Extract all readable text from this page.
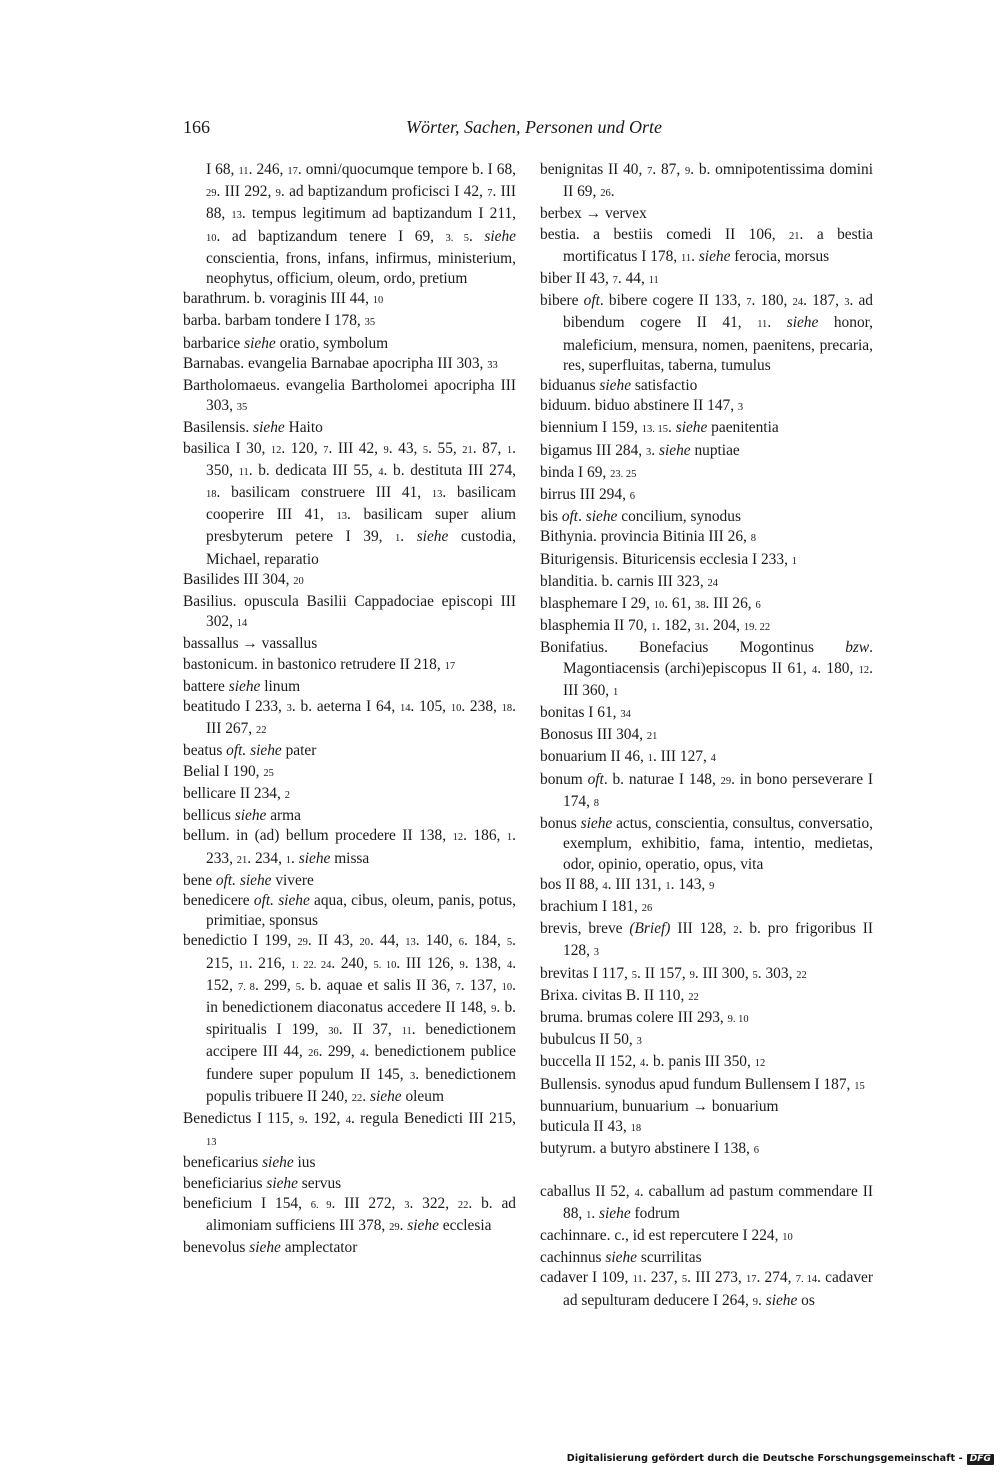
166	Wörter, Sachen, Personen und Orte
I 68, 11. 246, 17. omni/quocumque tempore b. I 68, 29. III 292, 9. ad baptizandum proficisci I 42, 7. III 88, 13. tempus legitimum ad baptizandum I 211, 10. ad baptizandum tenere I 69, 3. 5. siehe conscientia, frons, infans, infirmus, ministerium, neophytus, officium, oleum, ordo, pretium
barathrum. b. voraginis III 44, 10
barba. barbam tondere I 178, 35
barbarice siehe oratio, symbolum
Barnabas. evangelia Barnabae apocripha III 303, 33
Bartholomaeus. evangelia Bartholomei apocripha III 303, 35
Basilensis. siehe Haito
basilica I 30, 12. 120, 7. III 42, 9. 43, 5. 55, 21. 87, 1. 350, 11. b. dedicata III 55, 4. b. destituta III 274, 18. basilicam construere III 41, 13. basilicam cooperire III 41, 13. basilicam super alium presbyterum petere I 39, 1. siehe custodia, Michael, reparatio
Basilides III 304, 20
Basilius. opuscula Basilii Cappadociae episcopi III 302, 14
bassallus → vassallus
bastonicum. in bastonico retrudere II 218, 17
battere siehe linum
beatitudo I 233, 3. b. aeterna I 64, 14. 105, 10. 238, 18. III 267, 22
beatus oft. siehe pater
Belial I 190, 25
bellicare II 234, 2
bellicus siehe arma
bellum. in (ad) bellum procedere II 138, 12. 186, 1. 233, 21. 234, 1. siehe missa
bene oft. siehe vivere
benedicere oft. siehe aqua, cibus, oleum, panis, potus, primitiae, sponsus
benedictio I 199, 29. II 43, 20. 44, 13. 140, 6. 184, 5. 215, 11. 216, 1. 22. 24. 240, 5. 10. III 126, 9. 138, 4. 152, 7. 8. 299, 5. b. aquae et salis II 36, 7. 137, 10. in benedictionem diaconatus accedere II 148, 9. b. spiritualis I 199, 30. II 37, 11. benedictionem accipere III 44, 26. 299, 4. benedictionem publice fundere super populum II 145, 3. benedictionem populis tribuere II 240, 22. siehe oleum
Benedictus I 115, 9. 192, 4. regula Benedicti III 215, 13
beneficarius siehe ius
beneficiarius siehe servus
beneficium I 154, 6. 9. III 272, 3. 322, 22. b. ad alimoniam sufficiens III 378, 29. siehe ecclesia
benevolus siehe amplectator
benignitas II 40, 7. 87, 9. b. omnipotentissima domini II 69, 26.
berbex → vervex
bestia. a bestiis comedi II 106, 21. a bestia mortificatus I 178, 11. siehe ferocia, morsus
biber II 43, 7. 44, 11
bibere oft. bibere cogere II 133, 7. 180, 24. 187, 3. ad bibendum cogere II 41, 11. siehe honor, maleficium, mensura, nomen, paenitens, precaria, res, superfluitas, taberna, tumulus
biduanus siehe satisfactio
biduum. biduo abstinere II 147, 3
biennium I 159, 13. 15. siehe paenitentia
bigamus III 284, 3. siehe nuptiae
binda I 69, 23. 25
birrus III 294, 6
bis oft. siehe concilium, synodus
Bithynia. provincia Bitinia III 26, 8
Biturigensis. Bituricensis ecclesia I 233, 1
blanditia. b. carnis III 323, 24
blasphemare I 29, 10. 61, 38. III 26, 6
blasphemia II 70, 1. 182, 31. 204, 19. 22
Bonifatius. Bonefacius Mogontinus bzw. Magontiacensis (archi)episcopus II 61, 4. 180, 12. III 360, 1
bonitas I 61, 34
Bonosus III 304, 21
bonuarium II 46, 1. III 127, 4
bonum oft. b. naturae I 148, 29. in bono perseverare I 174, 8
bonus siehe actus, conscientia, consultus, conversatio, exemplum, exhibitio, fama, intentio, medietas, odor, opinio, operatio, opus, vita
bos II 88, 4. III 131, 1. 143, 9
brachium I 181, 26
brevis, breve (Brief) III 128, 2. b. pro frigoribus II 128, 3
brevitas I 117, 5. II 157, 9. III 300, 5. 303, 22
Brixa. civitas B. II 110, 22
bruma. brumas colere III 293, 9. 10
bubulcus II 50, 3
buccella II 152, 4. b. panis III 350, 12
Bullensis. synodus apud fundum Bullensem I 187, 15
bunnuarium, bunuarium → bonuarium
buticula II 43, 18
butyrum. a butyro abstinere I 138, 6
caballus II 52, 4. caballum ad pastum commendare II 88, 1. siehe fodrum
cachinnare. c., id est repercutere I 224, 10
cachinnus siehe scurrilitas
cadaver I 109, 11. 237, 5. III 273, 17. 274, 7. 14. cadaver ad sepulturam deducere I 264, 9. siehe os
Digitalisierung gefördert durch die Deutsche Forschungsgemeinschaft - DFG
